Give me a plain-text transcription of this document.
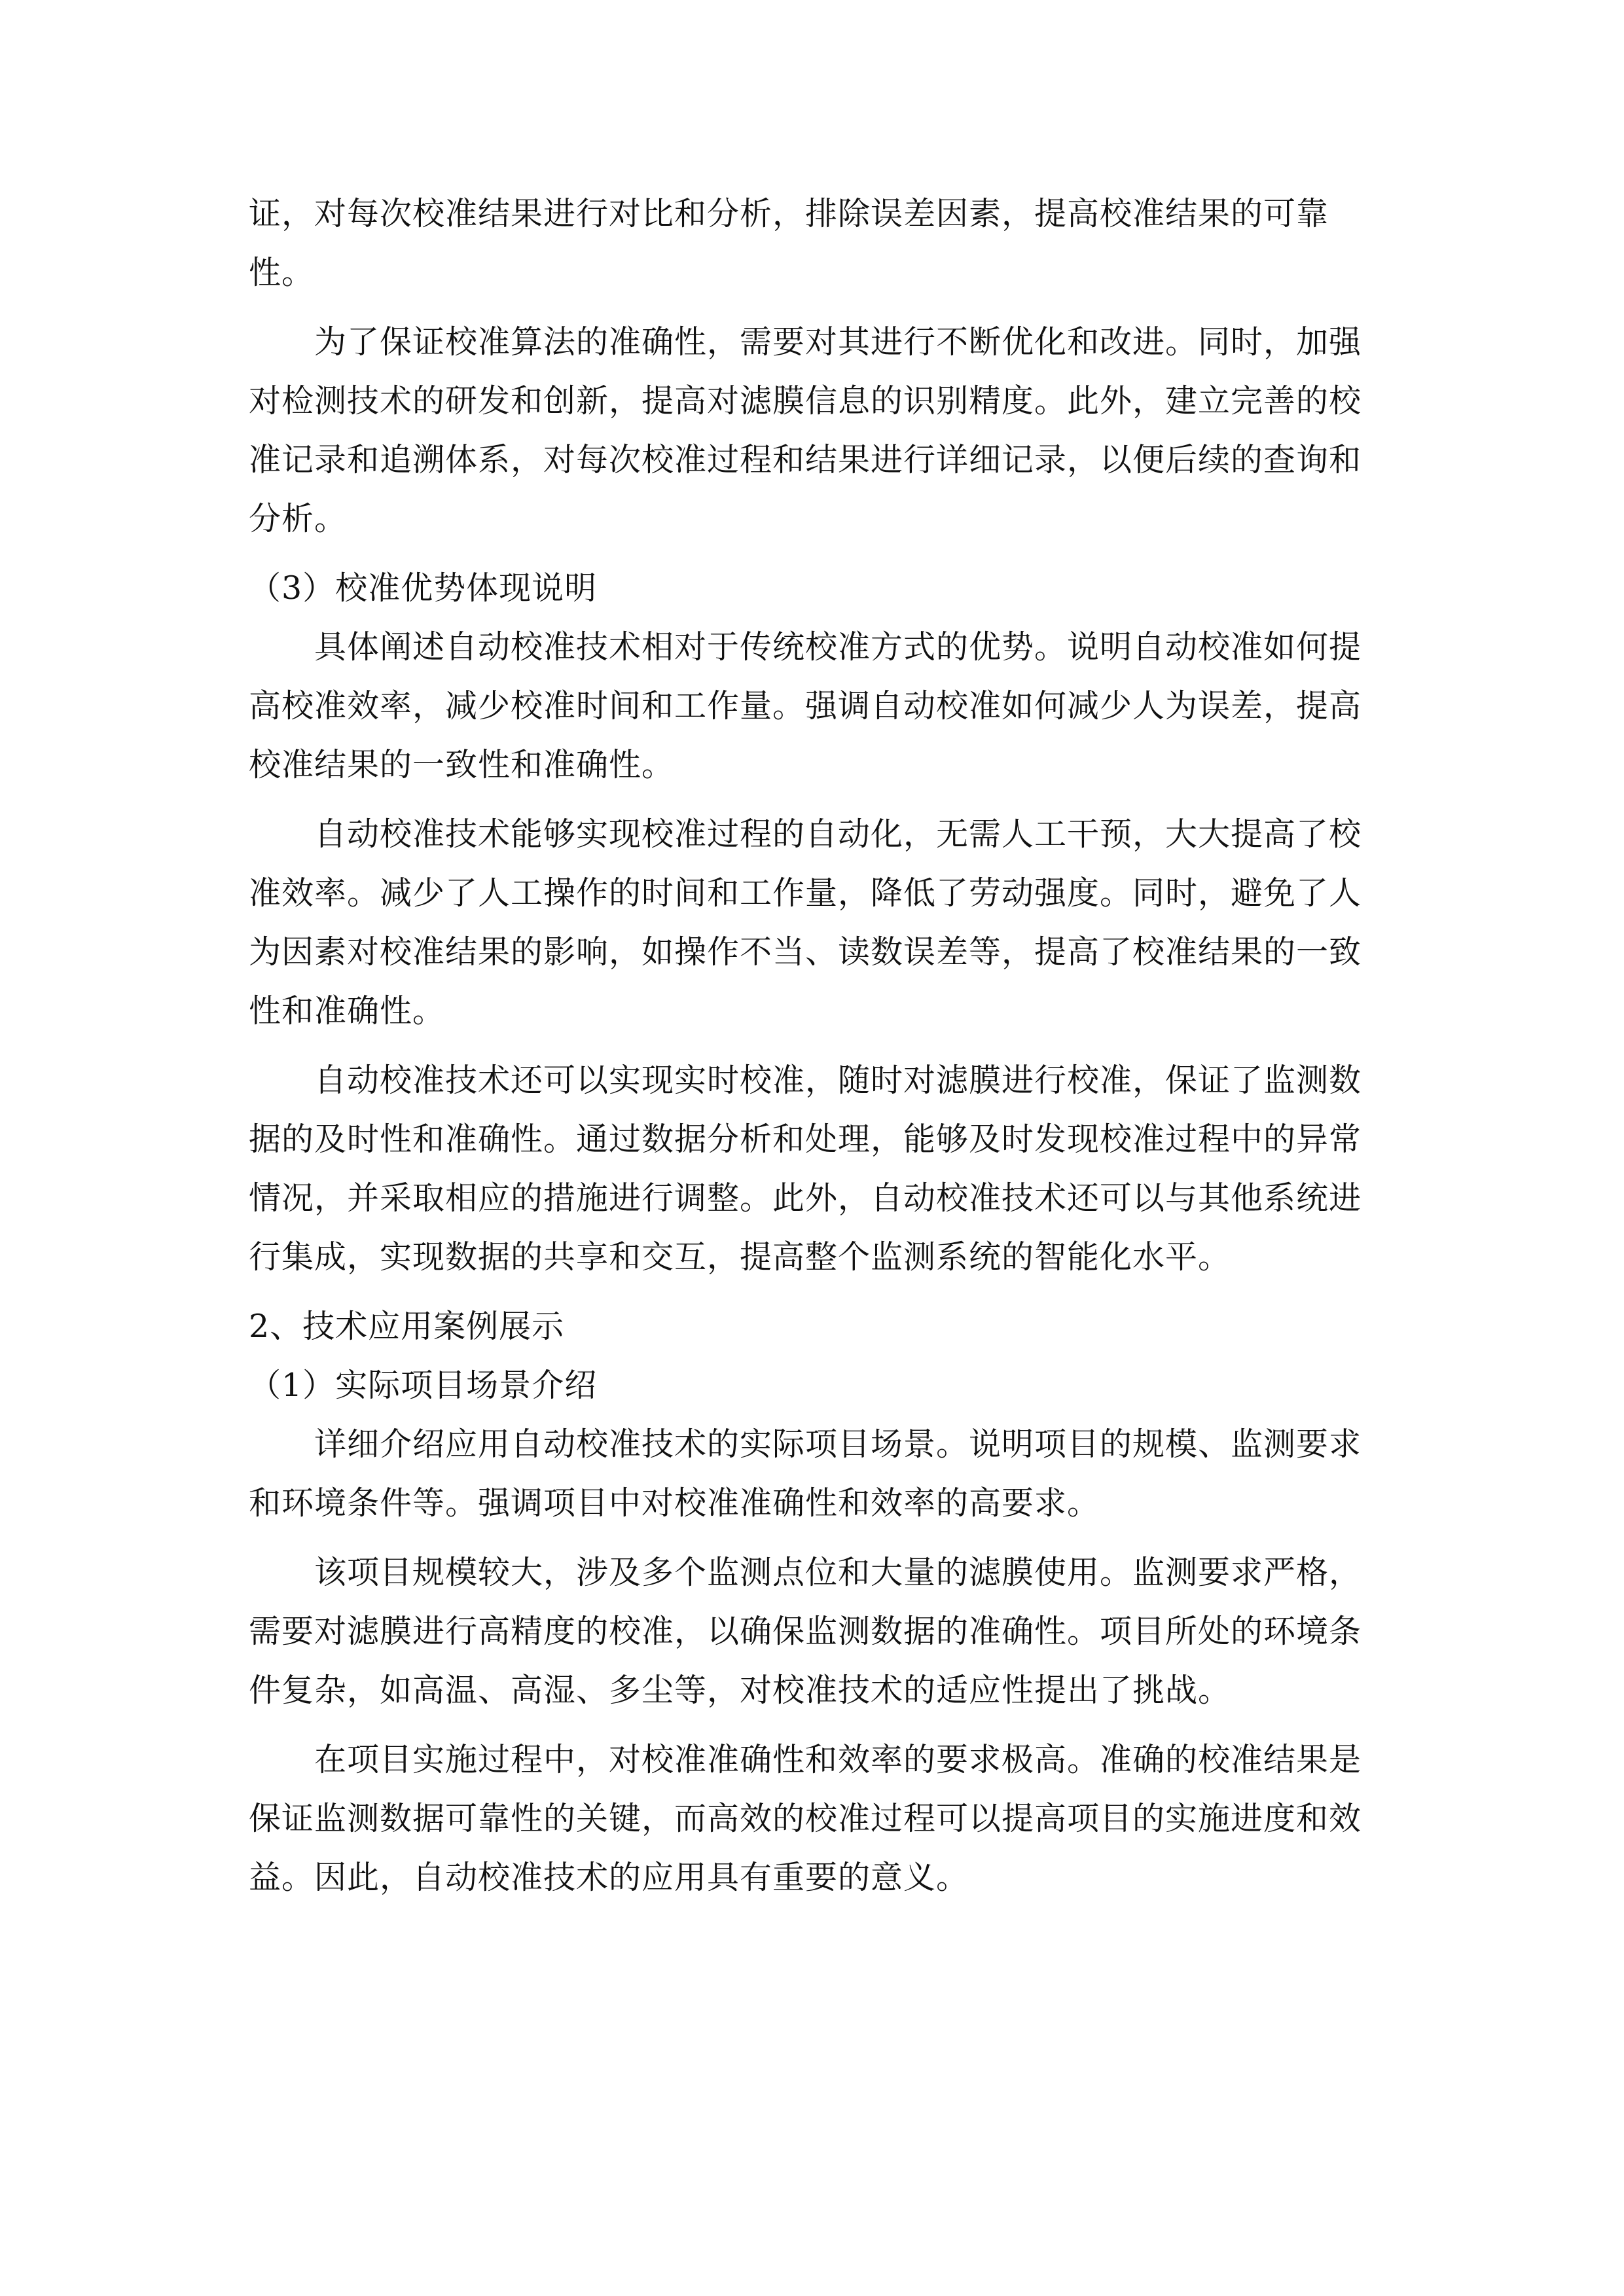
证，对每次校准结果进行对比和分析，排除误差因素，提高校准结果的可靠
性。
为了保证校准算法的准确性，需要对其进行不断优化和改进。同时，加强
对检测技术的研发和创新，提高对滤膜信息的识别精度。此外，建立完善的校
准记录和追溯体系，对每次校准过程和结果进行详细记录，以便后续的查询和
分析。
（3）校准优势体现说明
具体阐述自动校准技术相对于传统校准方式的优势。说明自动校准如何提
高校准效率，减少校准时间和工作量。强调自动校准如何减少人为误差，提高
校准结果的一致性和准确性。
自动校准技术能够实现校准过程的自动化，无需人工干预，大大提高了校
准效率。减少了人工操作的时间和工作量，降低了劳动强度。同时，避免了人
为因素对校准结果的影响，如操作不当、读数误差等，提高了校准结果的一致
性和准确性。
自动校准技术还可以实现实时校准，随时对滤膜进行校准，保证了监测数
据的及时性和准确性。通过数据分析和处理，能够及时发现校准过程中的异常
情况，并采取相应的措施进行调整。此外，自动校准技术还可以与其他系统进
行集成，实现数据的共享和交互，提高整个监测系统的智能化水平。
2、技术应用案例展示
（1）实际项目场景介绍
详细介绍应用自动校准技术的实际项目场景。说明项目的规模、监测要求
和环境条件等。强调项目中对校准准确性和效率的高要求。
该项目规模较大，涉及多个监测点位和大量的滤膜使用。监测要求严格，
需要对滤膜进行高精度的校准，以确保监测数据的准确性。项目所处的环境条
件复杂，如高温、高湿、多尘等，对校准技术的适应性提出了挑战。
在项目实施过程中，对校准准确性和效率的要求极高。准确的校准结果是
保证监测数据可靠性的关键，而高效的校准过程可以提高项目的实施进度和效
益。因此，自动校准技术的应用具有重要的意义。
